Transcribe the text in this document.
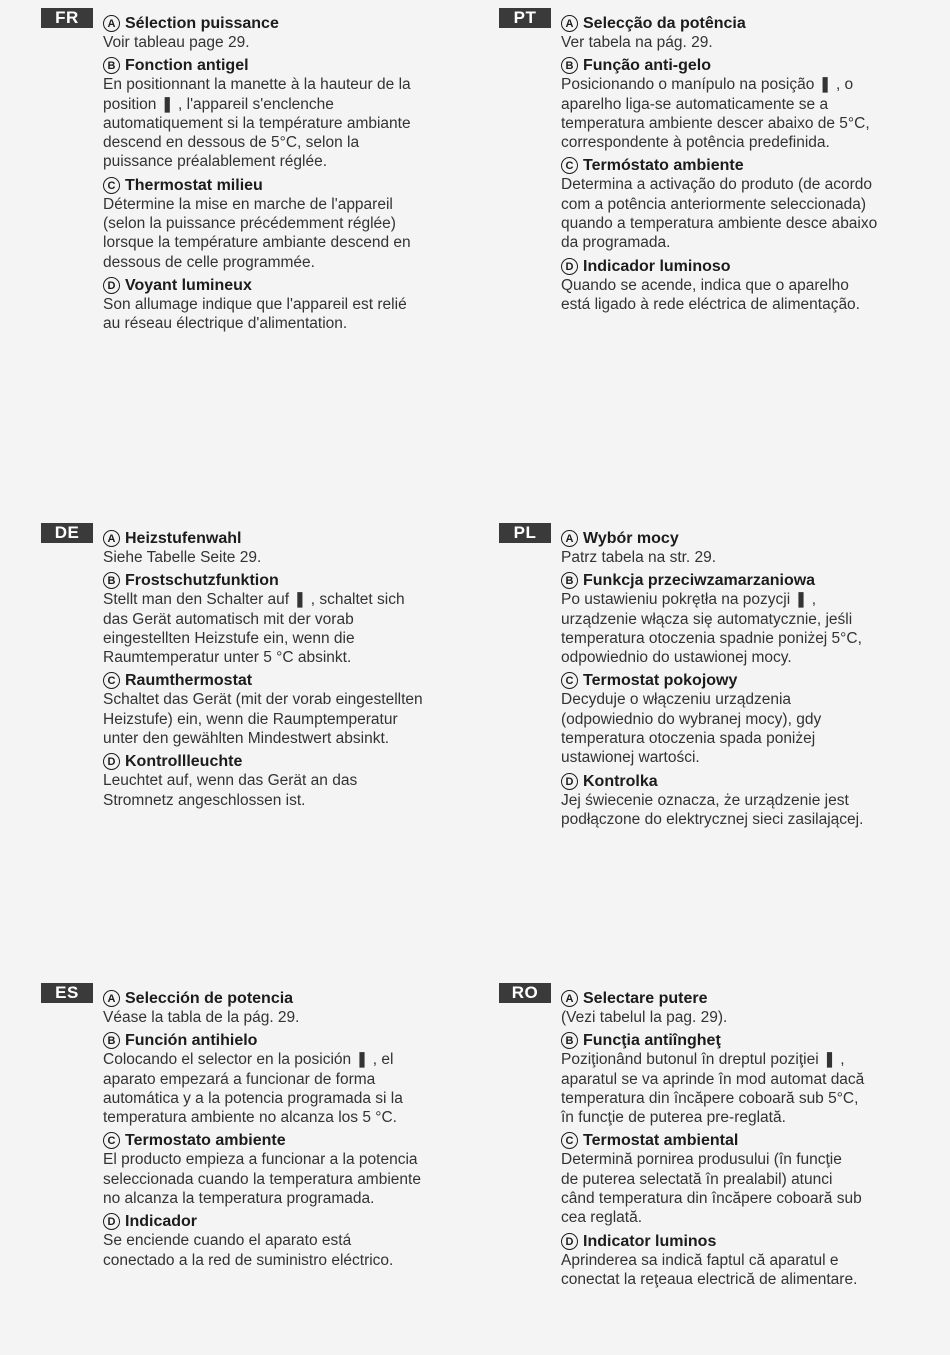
FR	A Sélection puissance
Voir tableau page 29.
B Fonction antigel
En positionnant la manette à la hauteur de la
position ❚ , l'appareil s'enclenche
automatiquement si la température ambiante
descend en dessous de 5°C, selon la
puissance préalablement réglée.
C Thermostat milieu
Détermine la mise en marche de l'appareil
(selon la puissance précédemment réglée)
lorsque la température ambiante descend en
dessous de celle programmée.
D Voyant lumineux
Son allumage indique que l'appareil est relié
au réseau électrique d'alimentation.
PT	A Selecção da potência
Ver tabela na pág. 29.
B Função anti-gelo
Posicionando o manípulo na posição ❚ , o
aparelho liga-se automaticamente se a
temperatura ambiente descer abaixo de 5°C,
correspondente à potência predefinida.
C Termóstato ambiente
Determina a activação do produto (de acordo
com a potência anteriormente seleccionada)
quando a temperatura ambiente desce abaixo
da programada.
D Indicador luminoso
Quando se acende, indica que o aparelho
está ligado à rede eléctrica de alimentação.
DE	A Heizstufenwahl
Siehe Tabelle Seite 29.
B Frostschutzfunktion
Stellt man den Schalter auf ❚ , schaltet sich
das Gerät automatisch mit der vorab
eingestellten Heizstufe ein, wenn die
Raumtemperatur unter 5 °C absinkt.
C Raumthermostat
Schaltet das Gerät (mit der vorab eingestellten
Heizstufe) ein, wenn die Raumptemperatur
unter den gewählten Mindestwert absinkt.
D Kontrollleuchte
Leuchtet auf, wenn das Gerät an das
Stromnetz angeschlossen ist.
PL	A Wybór mocy
Patrz tabela na str. 29.
B Funkcja przeciwzamarzaniowa
Po ustawieniu pokrętła na pozycji ❚ ,
urządzenie włącza się automatycznie, jeśli
temperatura otoczenia spadnie poniżej 5°C,
odpowiednio do ustawionej mocy.
C Termostat pokojowy
Decyduje o włączeniu urządzenia
(odpowiednio do wybranej mocy), gdy
temperatura otoczenia spada poniżej
ustawionej wartości.
D Kontrolka
Jej świecenie oznacza, że urządzenie jest
podłączone do elektrycznej sieci zasilającej.
ES	A Selección de potencia
Véase la tabla de la pág. 29.
B Función antihielo
Colocando el selector en la posición ❚ , el
aparato empezará a funcionar de forma
automática y a la potencia programada si la
temperatura ambiente no alcanza los 5 °C.
C Termostato ambiente
El producto empieza a funcionar a la potencia
seleccionada cuando la temperatura ambiente
no alcanza la temperatura programada.
D Indicador
Se enciende cuando el aparato está
conectado a la red de suministro eléctrico.
RO	A Selectare putere
(Vezi tabelul la pag. 29).
B Funcţia antiîngheţ
Poziţionând butonul în dreptul poziţiei ❚ ,
aparatul se va aprinde în mod automat dacă
temperatura din încăpere coboară sub 5°C,
în funcţie de puterea pre-reglată.
C Termostat ambiental
Determină pornirea produsului (în funcţie
de puterea selectată în prealabil) atunci
când temperatura din încăpere coboară sub
cea reglată.
D Indicator luminos
Aprinderea sa indică faptul că aparatul e
conectat la reţeaua electrică de alimentare.
